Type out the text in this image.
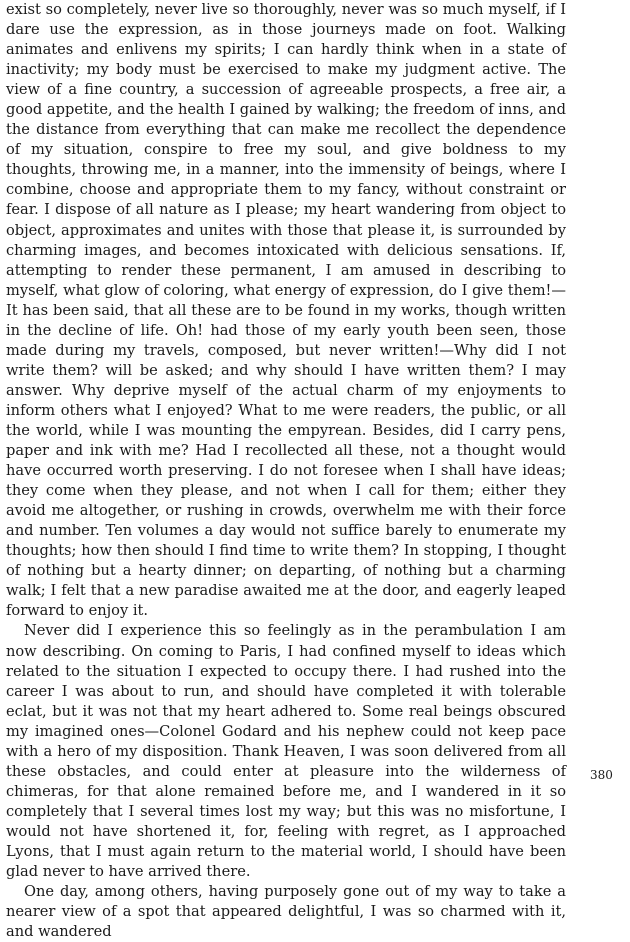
exist so completely, never live so thoroughly, never was so much myself, if I dare use the expression, as in those journeys made on foot. Walking animates and enlivens my spirits; I can hardly think when in a state of inactivity; my body must be exercised to make my judgment active. The view of a fine country, a succession of agreeable prospects, a free air, a good appetite, and the health I gained by walking; the freedom of inns, and the distance from everything that can make me recollect the dependence of my situation, conspire to free my soul, and give boldness to my thoughts, throwing me, in a manner, into the immensity of beings, where I combine, choose and appropriate them to my fancy, without constraint or fear. I dispose of all nature as I please; my heart wandering from object to object, approximates and unites with those that please it, is surrounded by charming images, and becomes intoxicated with delicious sensations. If, attempting to render these permanent, I am amused in describing to myself, what glow of coloring, what energy of expression, do I give them!—It has been said, that all these are to be found in my works, though written in the decline of life. Oh! had those of my early youth been seen, those made during my travels, composed, but never written!—Why did I not write them? will be asked; and why should I have written them? I may answer. Why deprive myself of the actual charm of my enjoyments to inform others what I enjoyed? What to me were readers, the public, or all the world, while I was mounting the empyrean. Besides, did I carry pens, paper and ink with me? Had I recollected all these, not a thought would have occurred worth preserving. I do not foresee when I shall have ideas; they come when they please, and not when I call for them; either they avoid me altogether, or rushing in crowds, overwhelm me with their force and number. Ten volumes a day would not suffice barely to enumerate my thoughts; how then should I find time to write them? In stopping, I thought of nothing but a hearty dinner; on departing, of nothing but a charming walk; I felt that a new paradise awaited me at the door, and eagerly leaped forward to enjoy it.

Never did I experience this so feelingly as in the perambulation I am now describing. On coming to Paris, I had confined myself to ideas which related to the situation I expected to occupy there. I had rushed into the career I was about to run, and should have completed it with tolerable eclat, but it was not that my heart adhered to. Some real beings obscured my imagined ones—Colonel Godard and his nephew could not keep pace with a hero of my disposition. Thank Heaven, I was soon delivered from all these obstacles, and could enter at pleasure into the wilderness of chimeras, for that alone remained before me, and I wandered in it so completely that I several times lost my way; but this was no misfortune, I would not have shortened it, for, feeling with regret, as I approached Lyons, that I must again return to the material world, I should have been glad never to have arrived there.

One day, among others, having purposely gone out of my way to take a nearer view of a spot that appeared delightful, I was so charmed with it, and wandered

380
